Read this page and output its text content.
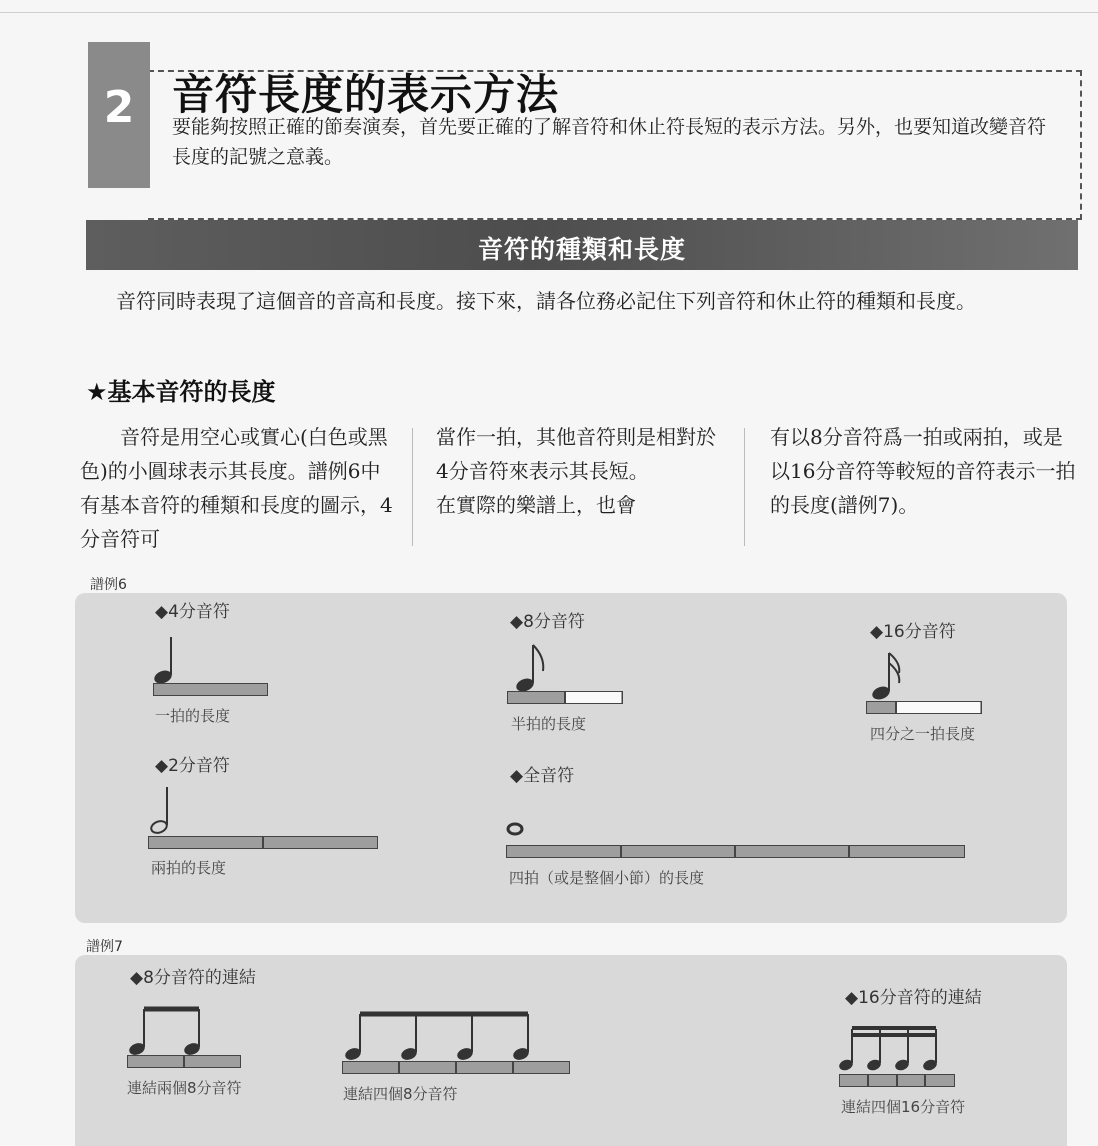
2 音符長度的表示方法
要能夠按照正確的節奏演奏，首先要正確的了解音符和休止符長短的表示方法。另外，也要知道改變音符長度的記號之意義。
音符的種類和長度
音符同時表現了這個音的音高和長度。接下來，請各位務必記住下列音符和休止符的種類和長度。
★基本音符的長度
音符是用空心或實心(白色或黑色)的小圓球表示其長度。譜例6中有基本音符的種類和長度的圖示，4分音符可
當作一拍，其他音符則是相對於4分音符來表示其長短。
在實際的樂譜上，也會
有以8分音符爲一拍或兩拍，或是以16分音符等較短的音符表示一拍的長度(譜例7)。
譜例6
◆4分音符
一拍的長度
◆8分音符
半拍的長度
◆16分音符
四分之一拍長度
◆2分音符
兩拍的長度
◆全音符
四拍（或是整個小節）的長度
譜例7
◆8分音符的連結
連結兩個8分音符	連結四個8分音符
◆16分音符的連結
連結四個16分音符
